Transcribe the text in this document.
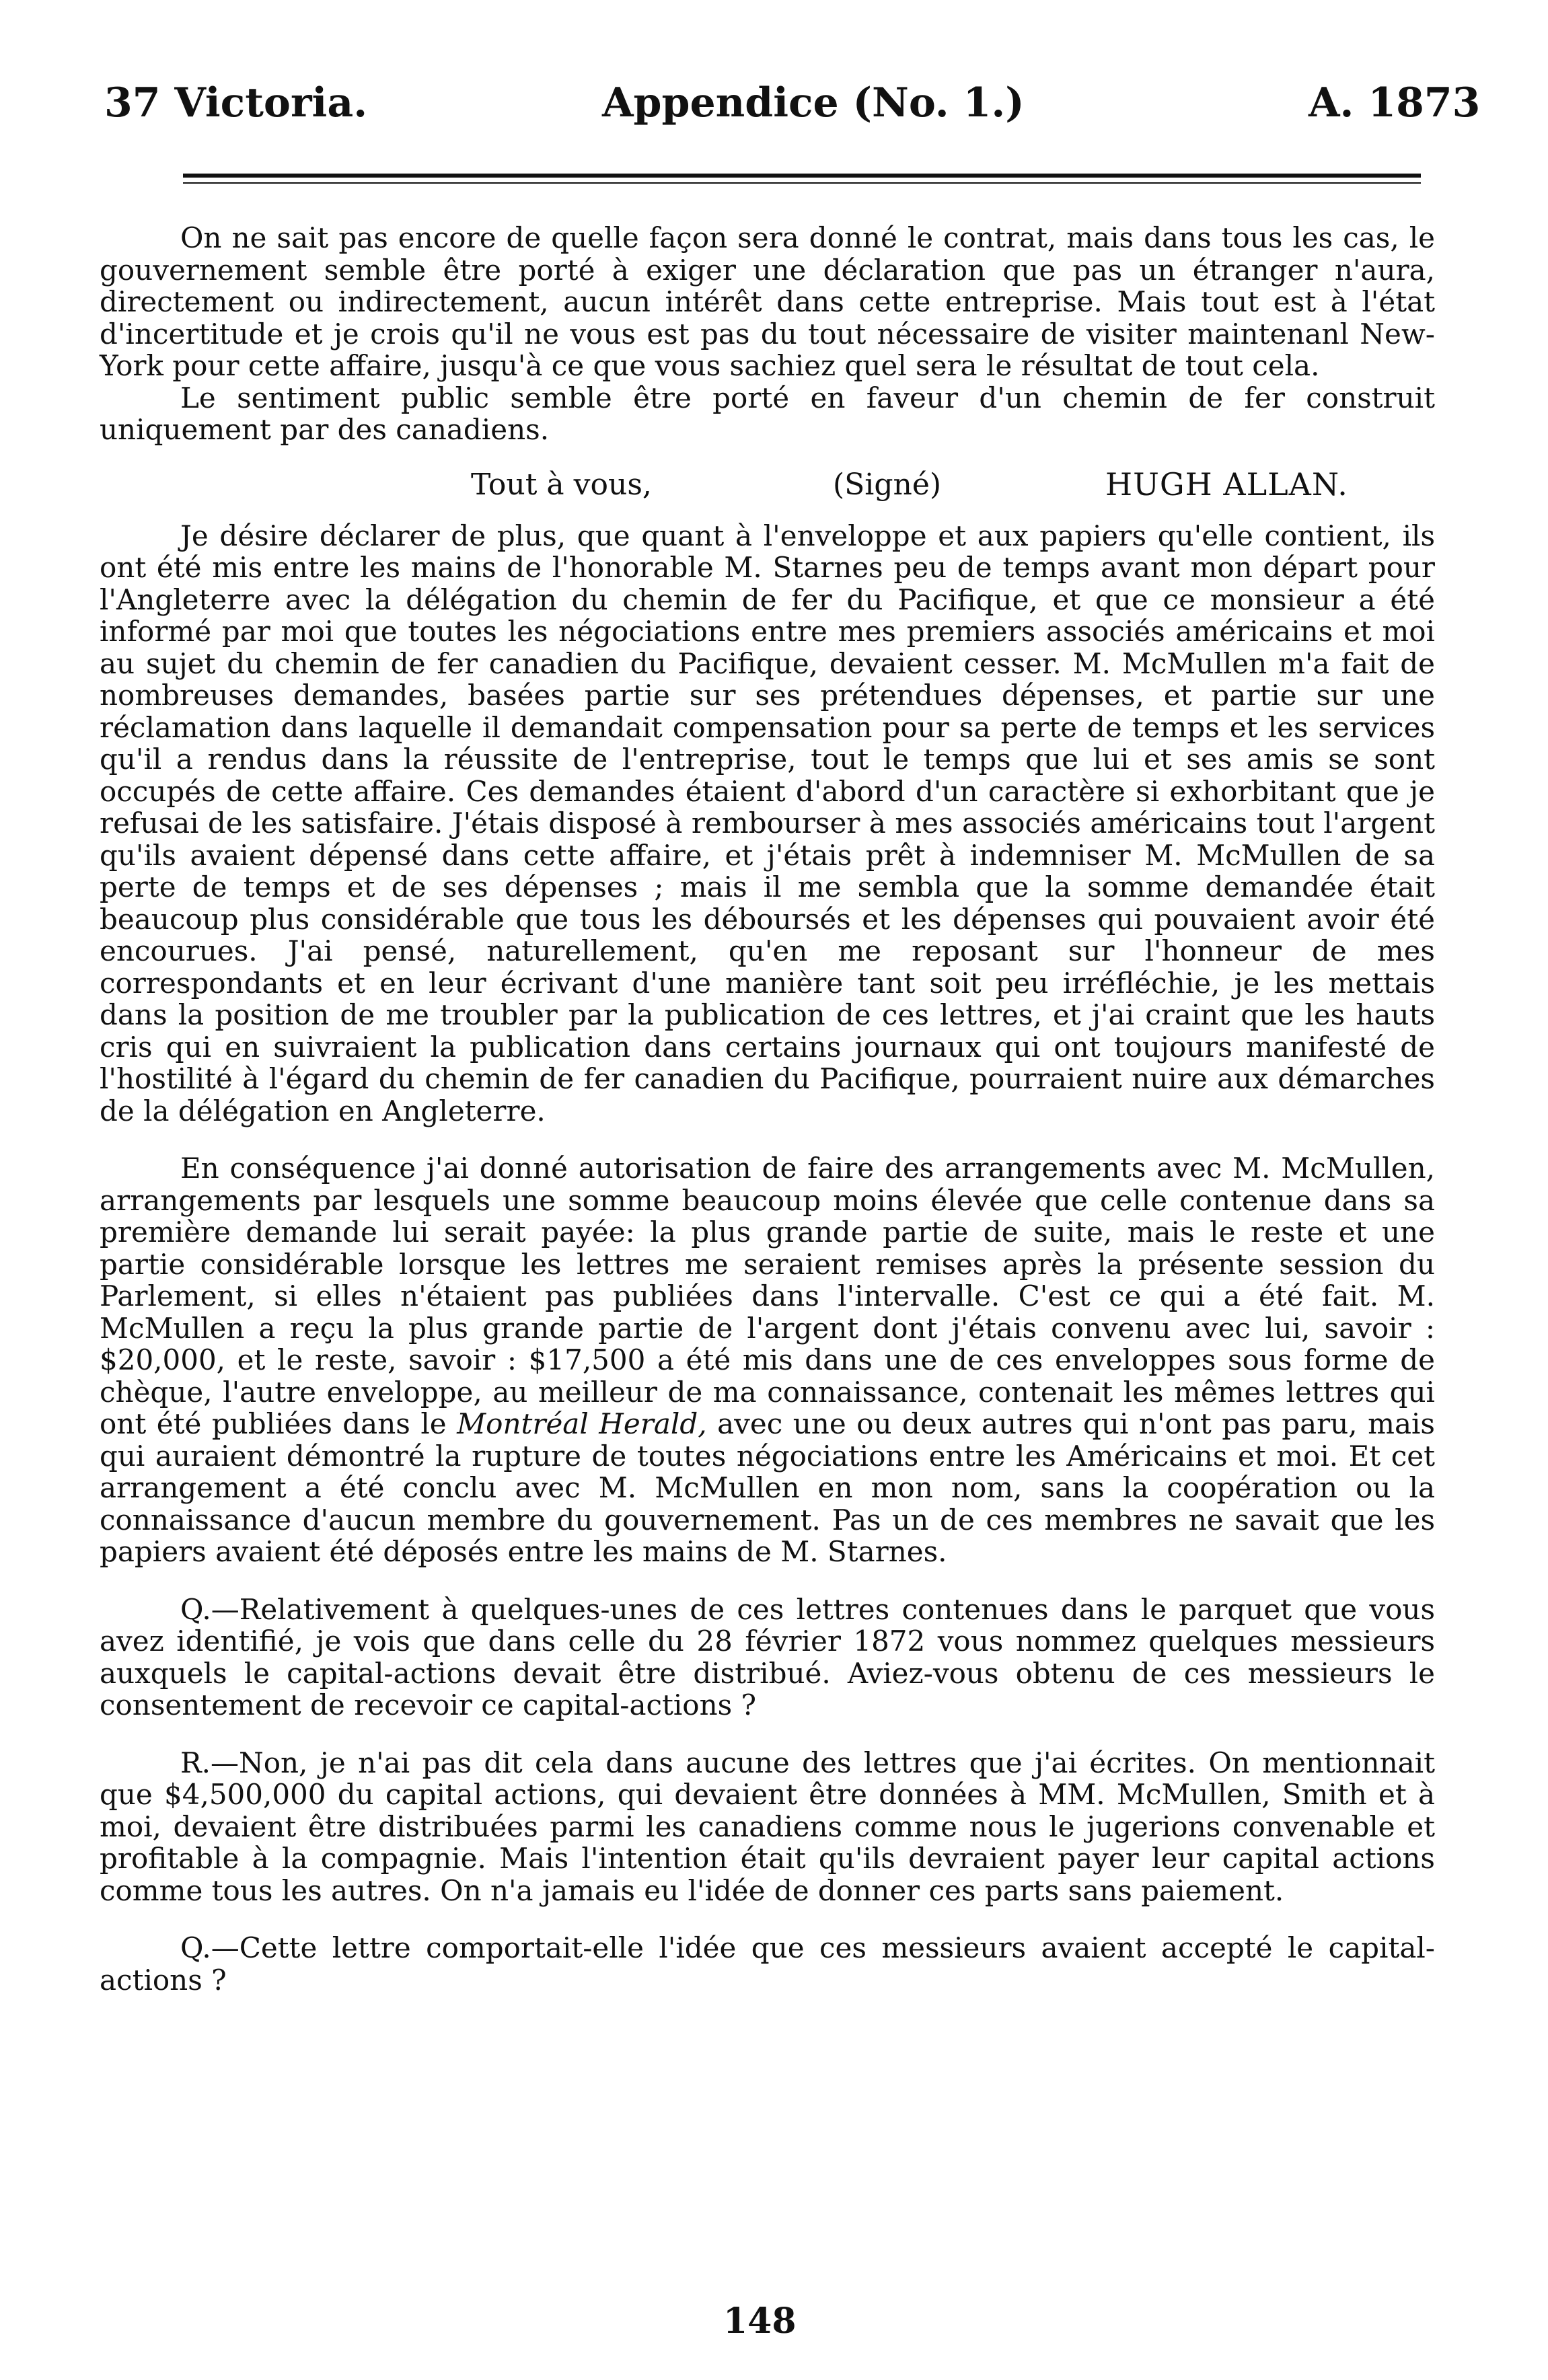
37 Victoria.	Appendice (No. 1.)	A. 1873

On ne sait pas encore de quelle façon sera donné le contrat, mais dans tous les cas, le gouvernement semble être porté à exiger une déclaration que pas un étranger n'aura, directement ou indirectement, aucun intérêt dans cette entreprise. Mais tout est à l'état d'incertitude et je crois qu'il ne vous est pas du tout nécessaire de visiter maintenanl New-York pour cette affaire, jusqu'à ce que vous sachiez quel sera le résultat de tout cela.

Le sentiment public semble être porté en faveur d'un chemin de fer construit uniquement par des canadiens.

Tout à vous,	(Signé)	HUGH ALLAN.

Je désire déclarer de plus, que quant à l'enveloppe et aux papiers qu'elle contient, ils ont été mis entre les mains de l'honorable M. Starnes peu de temps avant mon départ pour l'Angleterre avec la délégation du chemin de fer du Pacifique, et que ce monsieur a été informé par moi que toutes les négociations entre mes premiers associés américains et moi au sujet du chemin de fer canadien du Pacifique, devaient cesser. M. McMullen m'a fait de nombreuses demandes, basées partie sur ses prétendues dépenses, et partie sur une réclamation dans laquelle il demandait compensation pour sa perte de temps et les services qu'il a rendus dans la réussite de l'entreprise, tout le temps que lui et ses amis se sont occupés de cette affaire. Ces demandes étaient d'abord d'un caractère si exhorbitant que je refusai de les satisfaire. J'étais disposé à rembourser à mes associés américains tout l'argent qu'ils avaient dépensé dans cette affaire, et j'étais prêt à indemniser M. McMullen de sa perte de temps et de ses dépenses ; mais il me sembla que la somme demandée était beaucoup plus considérable que tous les déboursés et les dépenses qui pouvaient avoir été encourues. J'ai pensé, naturellement, qu'en me reposant sur l'honneur de mes correspondants et en leur écrivant d'une manière tant soit peu irréfléchie, je les mettais dans la position de me troubler par la publication de ces lettres, et j'ai craint que les hauts cris qui en suivraient la publication dans certains journaux qui ont toujours manifesté de l'hostilité à l'égard du chemin de fer canadien du Pacifique, pourraient nuire aux démarches de la délégation en Angleterre.

En conséquence j'ai donné autorisation de faire des arrangements avec M. McMullen, arrangements par lesquels une somme beaucoup moins élevée que celle contenue dans sa première demande lui serait payée: la plus grande partie de suite, mais le reste et une partie considérable lorsque les lettres me seraient remises après la présente session du Parlement, si elles n'étaient pas publiées dans l'intervalle. C'est ce qui a été fait. M. McMullen a reçu la plus grande partie de l'argent dont j'étais convenu avec lui, savoir : $20,000, et le reste, savoir : $17,500 a été mis dans une de ces enveloppes sous forme de chèque, l'autre enveloppe, au meilleur de ma connaissance, contenait les mêmes lettres qui ont été publiées dans le Montréal Herald, avec une ou deux autres qui n'ont pas paru, mais qui auraient démontré la rupture de toutes négociations entre les Américains et moi. Et cet arrangement a été conclu avec M. McMullen en mon nom, sans la coopération ou la connaissance d'aucun membre du gouvernement. Pas un de ces membres ne savait que les papiers avaient été déposés entre les mains de M. Starnes.

Q.—Relativement à quelques-unes de ces lettres contenues dans le parquet que vous avez identifié, je vois que dans celle du 28 février 1872 vous nommez quelques messieurs auxquels le capital-actions devait être distribué. Aviez-vous obtenu de ces messieurs le consentement de recevoir ce capital-actions ?

R.—Non, je n'ai pas dit cela dans aucune des lettres que j'ai écrites. On mentionnait que $4,500,000 du capital actions, qui devaient être données à MM. McMullen, Smith et à moi, devaient être distribuées parmi les canadiens comme nous le jugerions convenable et profitable à la compagnie. Mais l'intention était qu'ils devraient payer leur capital actions comme tous les autres. On n'a jamais eu l'idée de donner ces parts sans paiement.

Q.—Cette lettre comportait-elle l'idée que ces messieurs avaient accepté le capital-actions ?

148
